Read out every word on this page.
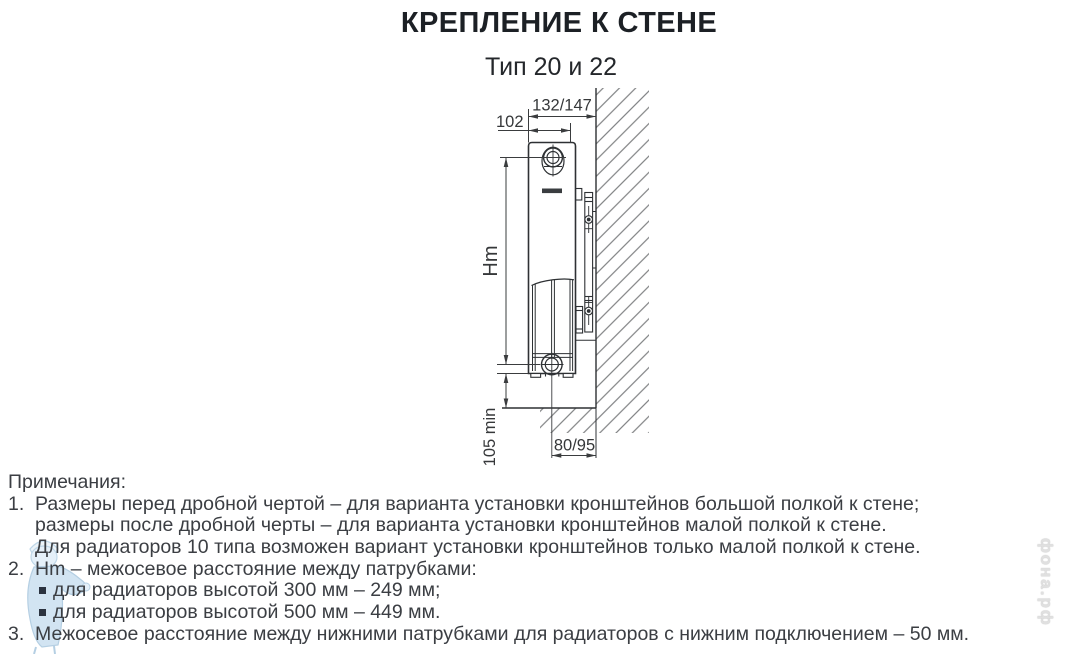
КРЕПЛЕНИЕ К СТЕНЕ
Тип 20 и 22
фона.рф
132/147
102
Hm
105 min	80/95
Примечания:
1. Размеры перед дробной чертой – для варианта установки кронштейнов большой полкой к стене;
размеры после дробной черты – для варианта установки кронштейнов малой полкой к стене.
Для радиаторов 10 типа возможен вариант установки кронштейнов только малой полкой к стене.
2. Hm – межосевое расстояние между патрубками:
для радиаторов высотой 300 мм – 249 мм;
для радиаторов высотой 500 мм – 449 мм.
3. Межосевое расстояние между нижними патрубками для радиаторов с нижним подключением – 50 мм.
